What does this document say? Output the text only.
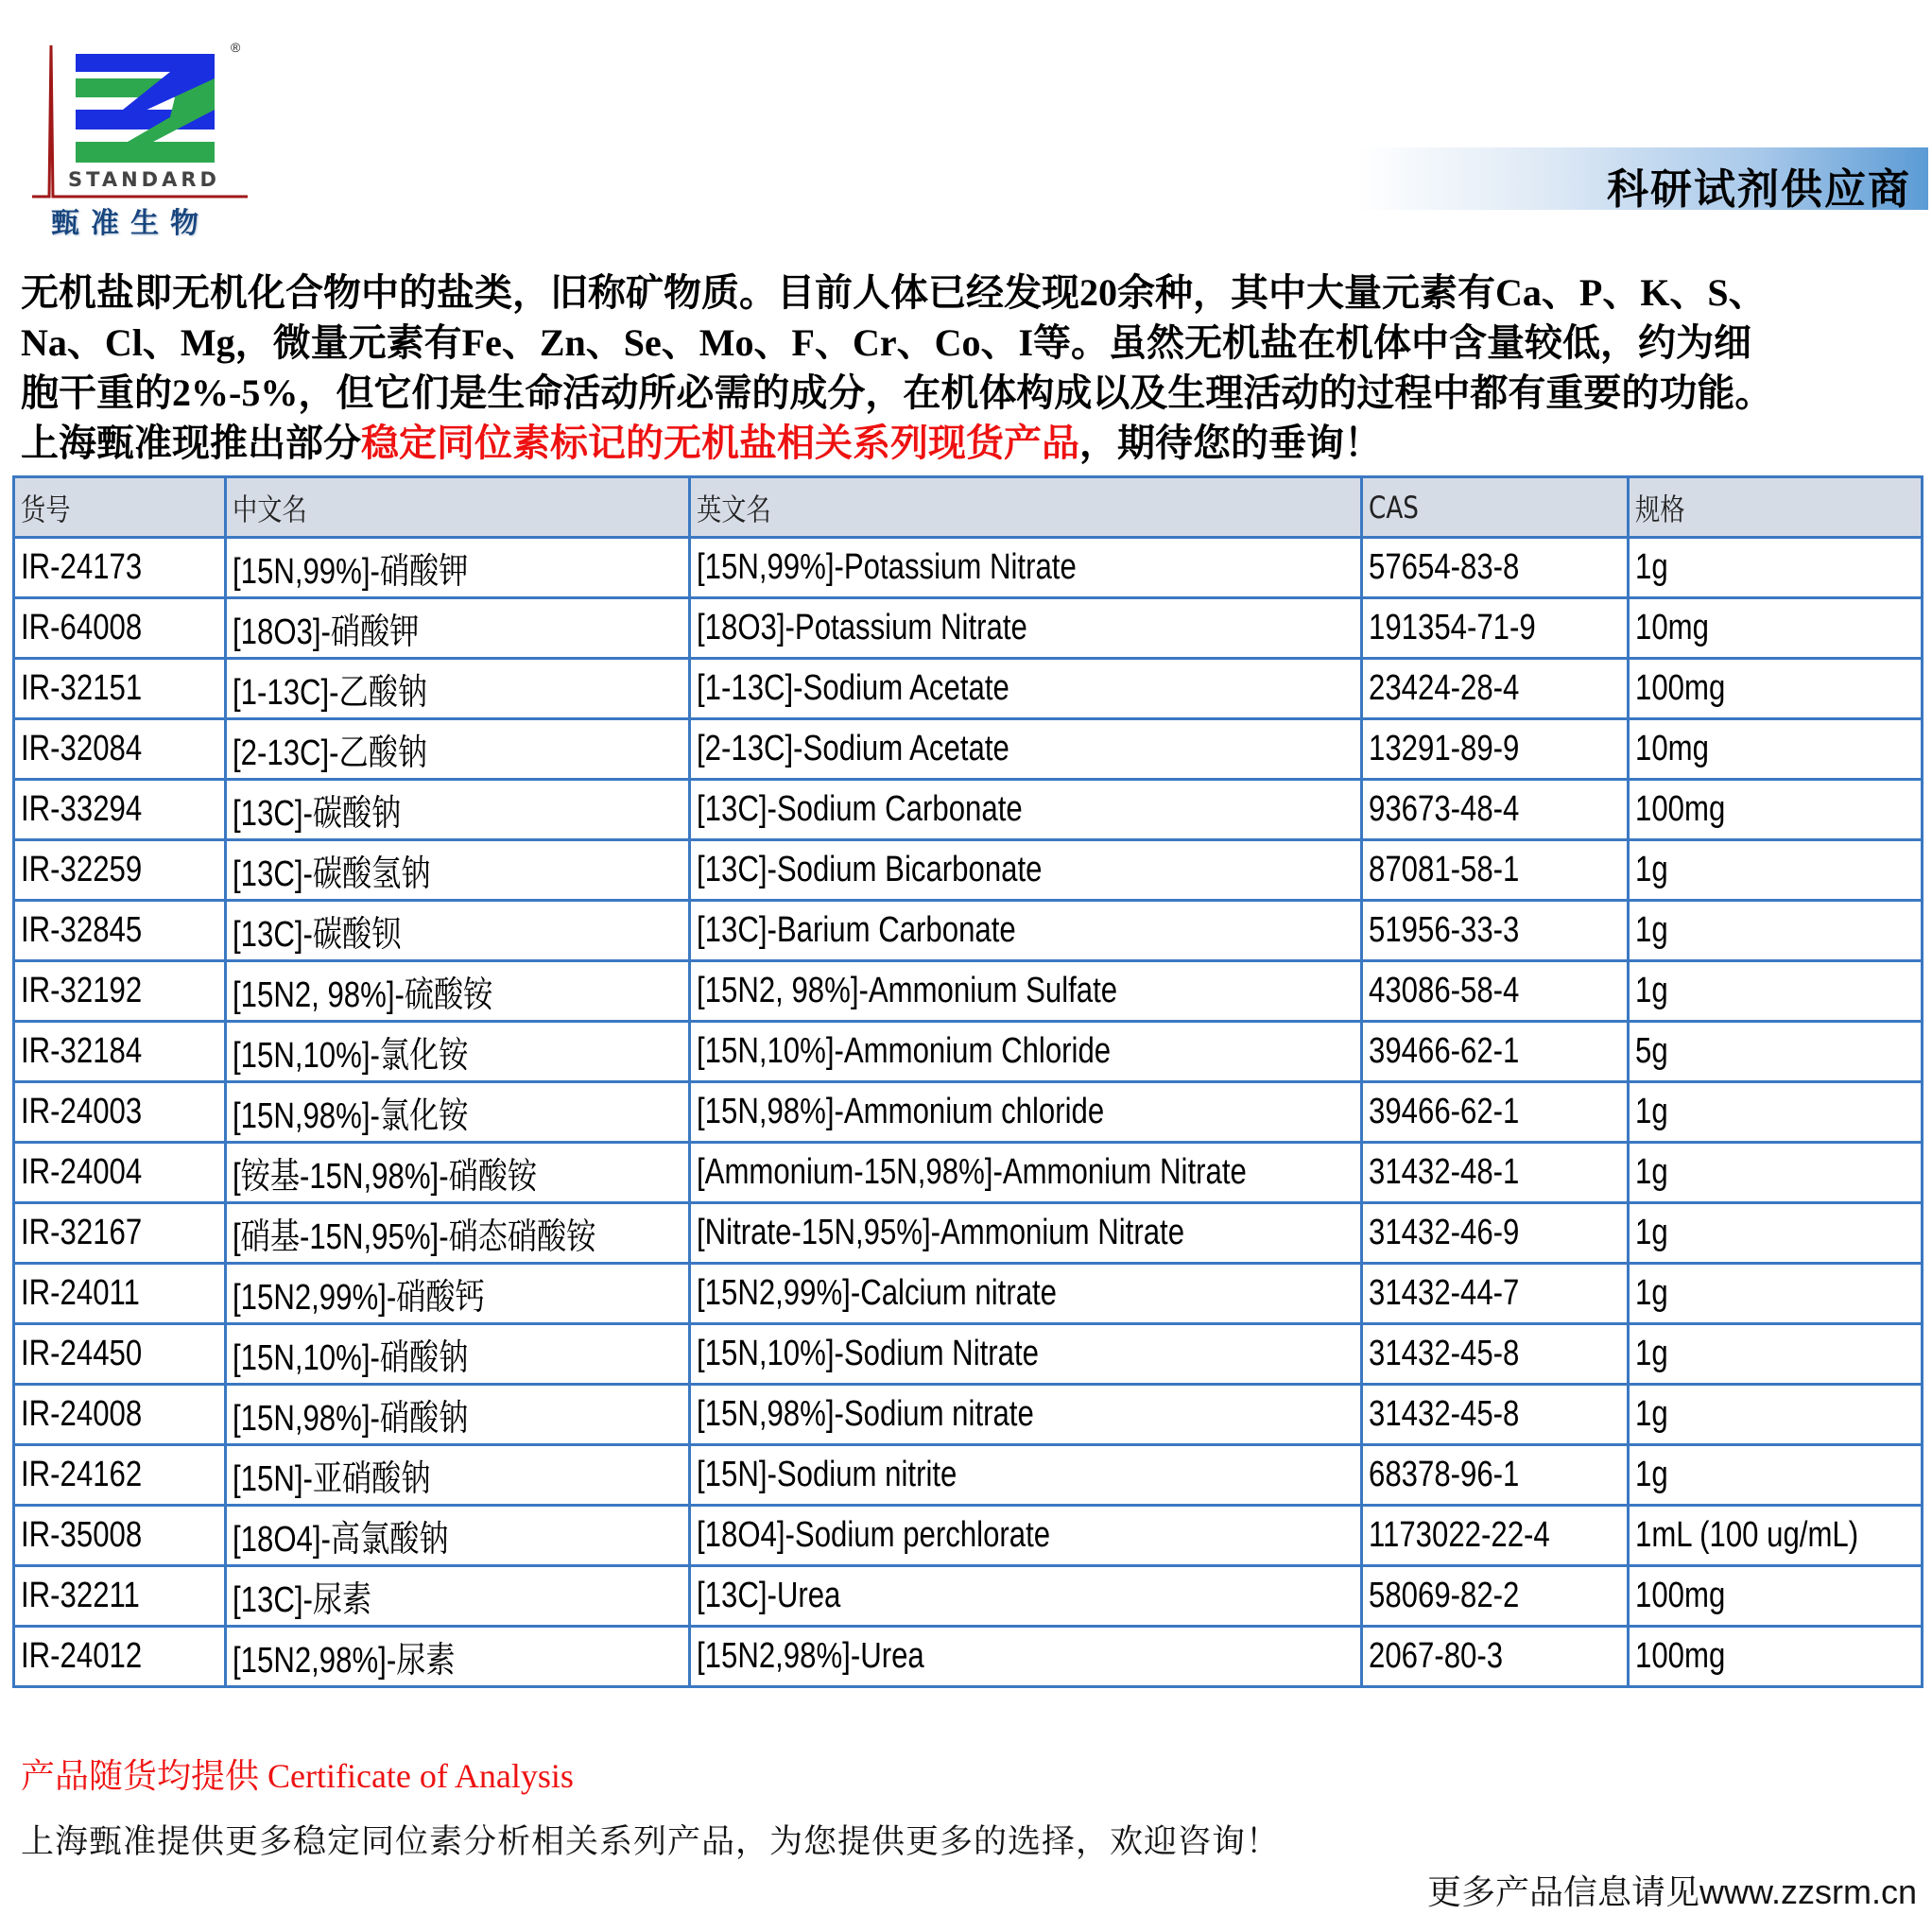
®
STANDARD
甄准生物
科研试剂供应商
无机盐即无机化合物中的盐类，旧称矿物质。目前人体已经发现20余种，其中大量元素有Ca、P、K、S、
Na、Cl、Mg，微量元素有Fe、Zn、Se、Mo、F、Cr、Co、I等。虽然无机盐在机体中含量较低，约为细
胞干重的2%-5%，但它们是生命活动所必需的成分，在机体构成以及生理活动的过程中都有重要的功能。
上海甄准现推出部分稳定同位素标记的无机盐相关系列现货产品，期待您的垂询！
货号	中文名	英文名	CAS	规格
IR-24173	[15N,99%]-硝酸钾	[15N,99%]-Potassium Nitrate	57654-83-8	1g
IR-64008	[18O3]-硝酸钾	[18O3]-Potassium Nitrate	191354-71-9	10mg
IR-32151	[1-13C]-乙酸钠	[1-13C]-Sodium Acetate	23424-28-4	100mg
IR-32084	[2-13C]-乙酸钠	[2-13C]-Sodium Acetate	13291-89-9	10mg
IR-33294	[13C]-碳酸钠	[13C]-Sodium Carbonate	93673-48-4	100mg
IR-32259	[13C]-碳酸氢钠	[13C]-Sodium Bicarbonate	87081-58-1	1g
IR-32845	[13C]-碳酸钡	[13C]-Barium Carbonate	51956-33-3	1g
IR-32192	[15N2, 98%]-硫酸铵	[15N2, 98%]-Ammonium Sulfate	43086-58-4	1g
IR-32184	[15N,10%]-氯化铵	[15N,10%]-Ammonium Chloride	39466-62-1	5g
IR-24003	[15N,98%]-氯化铵	[15N,98%]-Ammonium chloride	39466-62-1	1g
IR-24004	[铵基-15N,98%]-硝酸铵	[Ammonium-15N,98%]-Ammonium Nitrate	31432-48-1	1g
IR-32167	[硝基-15N,95%]-硝态硝酸铵	[Nitrate-15N,95%]-Ammonium Nitrate	31432-46-9	1g
IR-24011	[15N2,99%]-硝酸钙	[15N2,99%]-Calcium nitrate	31432-44-7	1g
IR-24450	[15N,10%]-硝酸钠	[15N,10%]-Sodium Nitrate	31432-45-8	1g
IR-24008	[15N,98%]-硝酸钠	[15N,98%]-Sodium nitrate	31432-45-8	1g
IR-24162	[15N]-亚硝酸钠	[15N]-Sodium nitrite	68378-96-1	1g
IR-35008	[18O4]-高氯酸钠	[18O4]-Sodium perchlorate	1173022-22-4	1mL (100 ug/mL)
IR-32211	[13C]-尿素	[13C]-Urea	58069-82-2	100mg
IR-24012	[15N2,98%]-尿素	[15N2,98%]-Urea	2067-80-3	100mg
产品随货均提供 Certificate of Analysis
上海甄准提供更多稳定同位素分析相关系列产品，为您提供更多的选择，欢迎咨询！
更多产品信息请见www.zzsrm.cn
